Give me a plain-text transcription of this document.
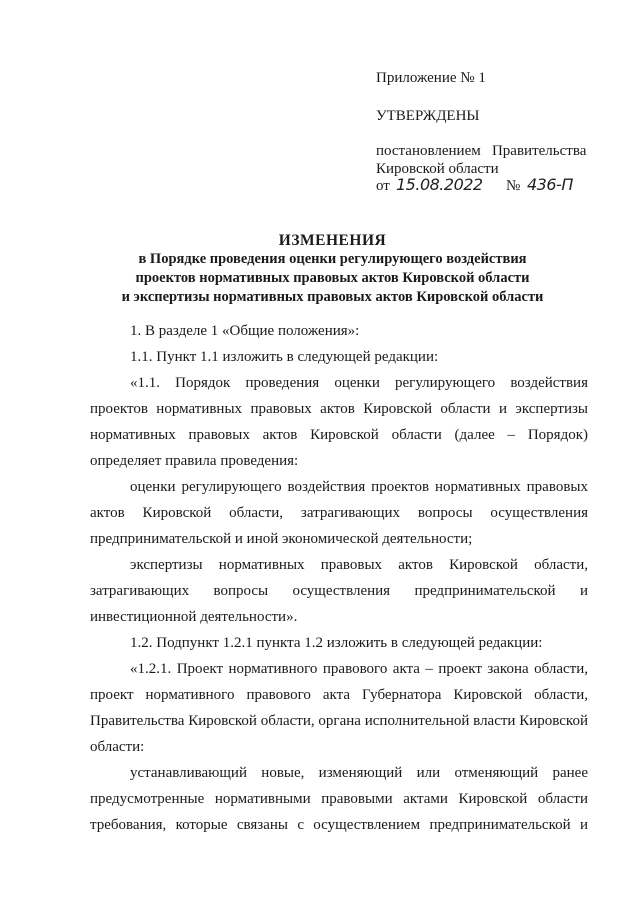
Приложение № 1
УТВЕРЖДЕНЫ
постановлением   Правительства
Кировской области
от 15.08.2022 № 436-П
ИЗМЕНЕНИЯ
в Порядке проведения оценки регулирующего воздействия
проектов нормативных правовых актов Кировской области
и экспертизы нормативных правовых актов Кировской области

1. В разделе 1 «Общие положения»:

1.1. Пункт 1.1 изложить в следующей редакции:

«1.1. Порядок проведения оценки регулирующего воздействия проектов нормативных правовых актов Кировской области и экспертизы нормативных правовых актов Кировской области (далее – Порядок) определяет правила проведения:

оценки регулирующего воздействия проектов нормативных правовых актов Кировской области, затрагивающих вопросы осуществления предпринимательской и иной экономической деятельности;

экспертизы нормативных правовых актов Кировской области, затрагивающих вопросы осуществления предпринимательской и инвестиционной деятельности».

1.2. Подпункт 1.2.1 пункта 1.2 изложить в следующей редакции:

«1.2.1. Проект нормативного правового акта – проект закона области, проект нормативного правового акта Губернатора Кировской области, Правительства Кировской области, органа исполнительной власти Кировской области:

устанавливающий новые, изменяющий или отменяющий ранее предусмотренные нормативными правовыми актами Кировской области требования, которые связаны с осуществлением предпринимательской и
